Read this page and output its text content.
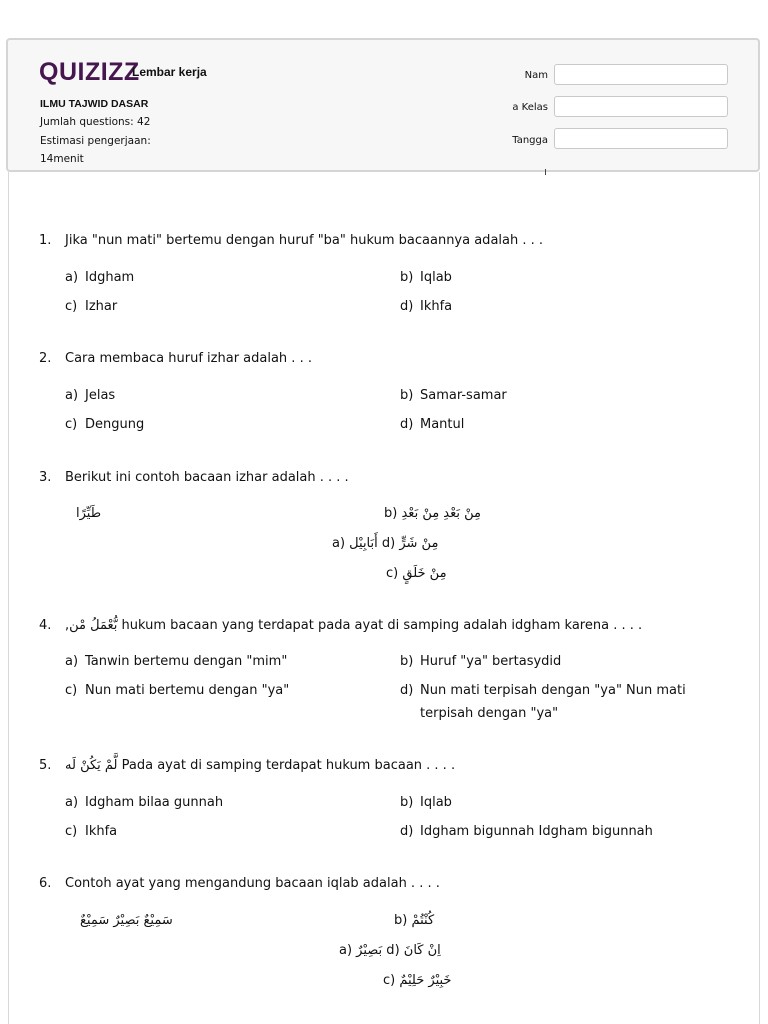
QUIZIZZ
Lembar kerja
ILMU TAJWID DASAR
Jumlah questions: 42
Estimasi pengerjaan:
14menit
Nam
a Kelas
Tangga
1. Jika "nun mati" bertemu dengan huruf "ba" hukum bacaannya adalah . . .
a) Idgham	b) Iqlab
c) Izhar	d) Ikhfa
2. Cara membaca huruf izhar adalah . . .
a) Jelas	b) Samar-samar
c) Dengung	d) Mantul
3. Berikut ini contoh bacaan izhar adalah . . . .
طَيِّرًا	مِنْ بَعْدِ مِنْ بَعْدِ (b
مِنْ شَرٍّ (d أَبَابِيْل (a
مِنْ خَلَقٍ (c
4. بُّعْمَلُ مْن, hukum bacaan yang terdapat pada ayat di samping adalah idgham karena . . . .
a) Tanwin bertemu dengan "mim"	b) Huruf "ya" bertasydid
c) Nun mati bertemu dengan "ya"	d) Nun mati terpisah dengan "ya" Nun mati
terpisah dengan "ya"
5. لَّمْ يَكُنْ لَه Pada ayat di samping terdapat hukum bacaan . . . .
a) Idgham bilaa gunnah	b) Iqlab
c) Ikhfa	d) Idgham bigunnah Idgham bigunnah
6. Contoh ayat yang mengandung bacaan iqlab adalah . . . .
سَمِيْعٌ بَصِيْرٌ سَمِيْعٌ	كُنْتُمْ (b
اِنْ كَانَ (d بَصِيْرٌ (a
خَبِيْرٌ حَلِيْمٌ (c
